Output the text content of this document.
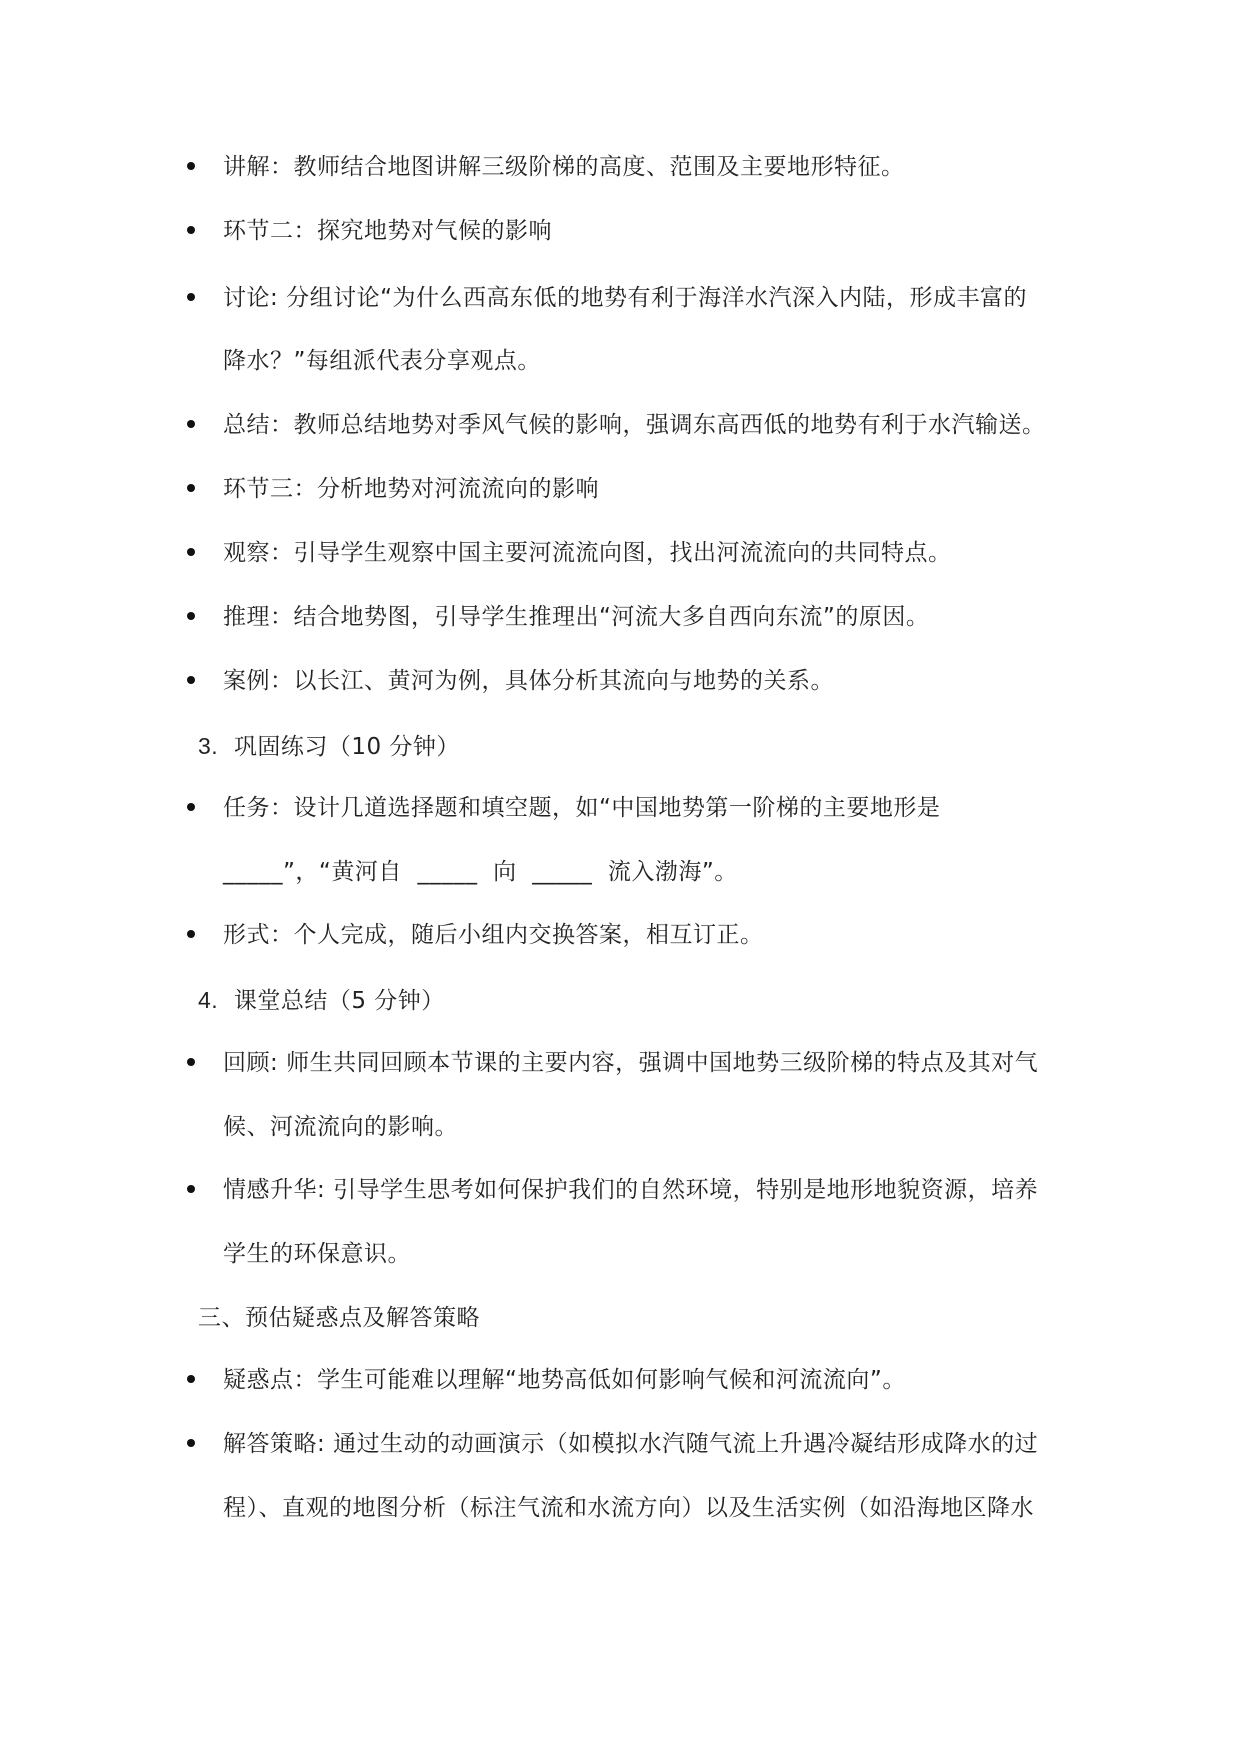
讲解：教师结合地图讲解三级阶梯的高度、范围及主要地形特征。
环节二：探究地势对气候的影响
讨论: 分组讨论“为什么西高东低的地势有利于海洋水汽深入内陆，形成丰富的
降水？”每组派代表分享观点。
总结：教师总结地势对季风气候的影响，强调东高西低的地势有利于水汽输送。
环节三：分析地势对河流流向的影响
观察：引导学生观察中国主要河流流向图，找出河流流向的共同特点。
推理：结合地势图，引导学生推理出“河流大多自西向东流”的原因。
案例：以长江、黄河为例，具体分析其流向与地势的关系。
3. 巩固练习（10 分钟）
任务：设计几道选择题和填空题，如“中国地势第一阶梯的主要地形是
_____”，“黄河自  _____  向  _____  流入渤海”。
形式：个人完成，随后小组内交换答案，相互订正。
4. 课堂总结（5 分钟）
回顾: 师生共同回顾本节课的主要内容，强调中国地势三级阶梯的特点及其对气
候、河流流向的影响。
情感升华: 引导学生思考如何保护我们的自然环境，特别是地形地貌资源，培养
学生的环保意识。
三、预估疑惑点及解答策略
疑惑点：学生可能难以理解“地势高低如何影响气候和河流流向”。
解答策略: 通过生动的动画演示（如模拟水汽随气流上升遇冷凝结形成降水的过
程）、直观的地图分析（标注气流和水流方向）以及生活实例（如沿海地区降水
